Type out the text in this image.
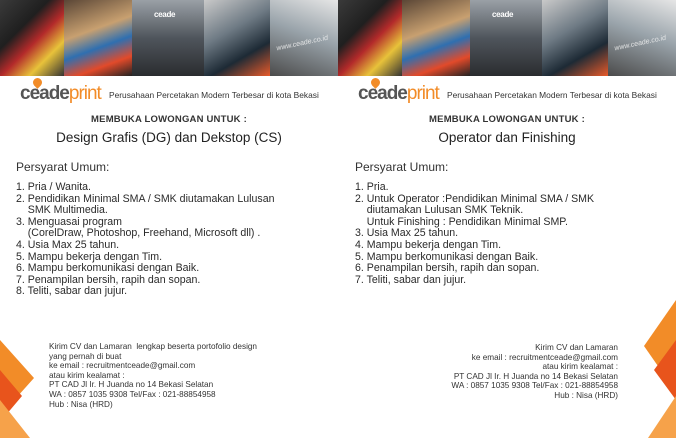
ceade
www.ceade.co.id
ceadeprint Perusahaan Percetakan Modern Terbesar di kota Bekasi
MEMBUKA LOWONGAN UNTUK :
Design Grafis (DG) dan Dekstop (CS)
Persyarat Umum:
1. Pria / Wanita.
2. Pendidikan Minimal SMA / SMK diutamakan Lulusan
SMK Multimedia.
3. Menguasai program
(CorelDraw, Photoshop, Freehand, Microsoft dll) .
4. Usia Max 25 tahun.
5. Mampu bekerja dengan Tim.
6. Mampu berkomunikasi dengan Baik.
7. Penampilan bersih, rapih dan sopan.
8. Teliti, sabar dan jujur.
Kirim CV dan Lamaran  lengkap beserta portofolio design
yang pernah di buat
ke email : recruitmentceade@gmail.com
atau kirim kealamat :
PT CAD Jl Ir. H Juanda no 14 Bekasi Selatan
WA : 0857 1035 9308 Tel/Fax : 021-88854958
Hub : Nisa (HRD)
ceade
www.ceade.co.id
ceadeprint Perusahaan Percetakan Modern Terbesar di kota Bekasi
MEMBUKA LOWONGAN UNTUK :
Operator dan Finishing
Persyarat Umum:
1. Pria.
2. Untuk Operator :Pendidikan Minimal SMA / SMK
diutamakan Lulusan SMK Teknik.
Untuk Finishing : Pendidikan Minimal SMP.
3. Usia Max 25 tahun.
4. Mampu bekerja dengan Tim.
5. Mampu berkomunikasi dengan Baik.
6. Penampilan bersih, rapih dan sopan.
7. Teliti, sabar dan jujur.
Kirim CV dan Lamaran
ke email : recruitmentceade@gmail.com
atau kirim kealamat :
PT CAD Jl Ir. H Juanda no 14 Bekasi Selatan
WA : 0857 1035 9308 Tel/Fax : 021-88854958
Hub : Nisa (HRD)
